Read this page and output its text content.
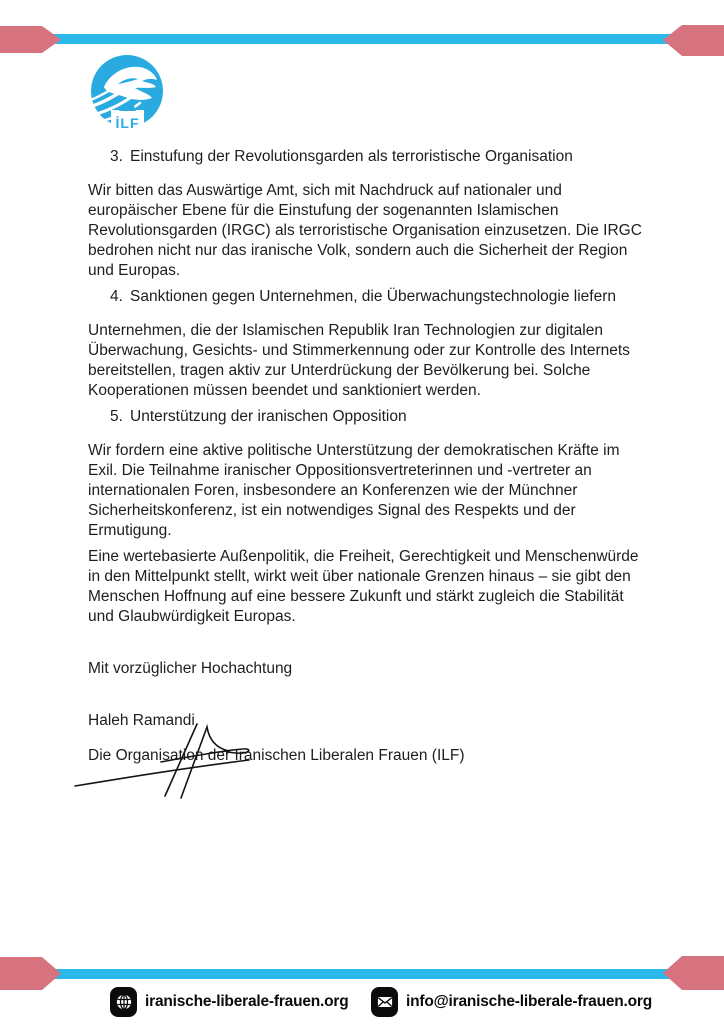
İLF
3. Einstufung der Revolutionsgarden als terroristische Organisation

Wir bitten das Auswärtige Amt, sich mit Nachdruck auf nationaler und europäischer Ebene für die Einstufung der sogenannten Islamischen Revolutionsgarden (IRGC) als terroristische Organisation einzusetzen. Die IRGC bedrohen nicht nur das iranische Volk, sondern auch die Sicherheit der Region und Europas.

4. Sanktionen gegen Unternehmen, die Überwachungstechnologie liefern

Unternehmen, die der Islamischen Republik Iran Technologien zur digitalen Überwachung, Gesichts- und Stimmerkennung oder zur Kontrolle des Internets bereitstellen, tragen aktiv zur Unterdrückung der Bevölkerung bei. Solche Kooperationen müssen beendet und sanktioniert werden.

5. Unterstützung der iranischen Opposition

Wir fordern eine aktive politische Unterstützung der demokratischen Kräfte im Exil. Die Teilnahme iranischer Oppositionsvertreterinnen und -vertreter an internationalen Foren, insbesondere an Konferenzen wie der Münchner Sicherheitskonferenz, ist ein notwendiges Signal des Respekts und der Ermutigung.

Eine wertebasierte Außenpolitik, die Freiheit, Gerechtigkeit und Menschenwürde in den Mittelpunkt stellt, wirkt weit über nationale Grenzen hinaus – sie gibt den Menschen Hoffnung auf eine bessere Zukunft und stärkt zugleich die Stabilität und Glaubwürdigkeit Europas.

Mit vorzüglicher Hochachtung

Haleh Ramandi

Die Organisation der Iranischen Liberalen Frauen (ILF)

iranische-liberale-frauen.org	info@iranische-liberale-frauen.org
